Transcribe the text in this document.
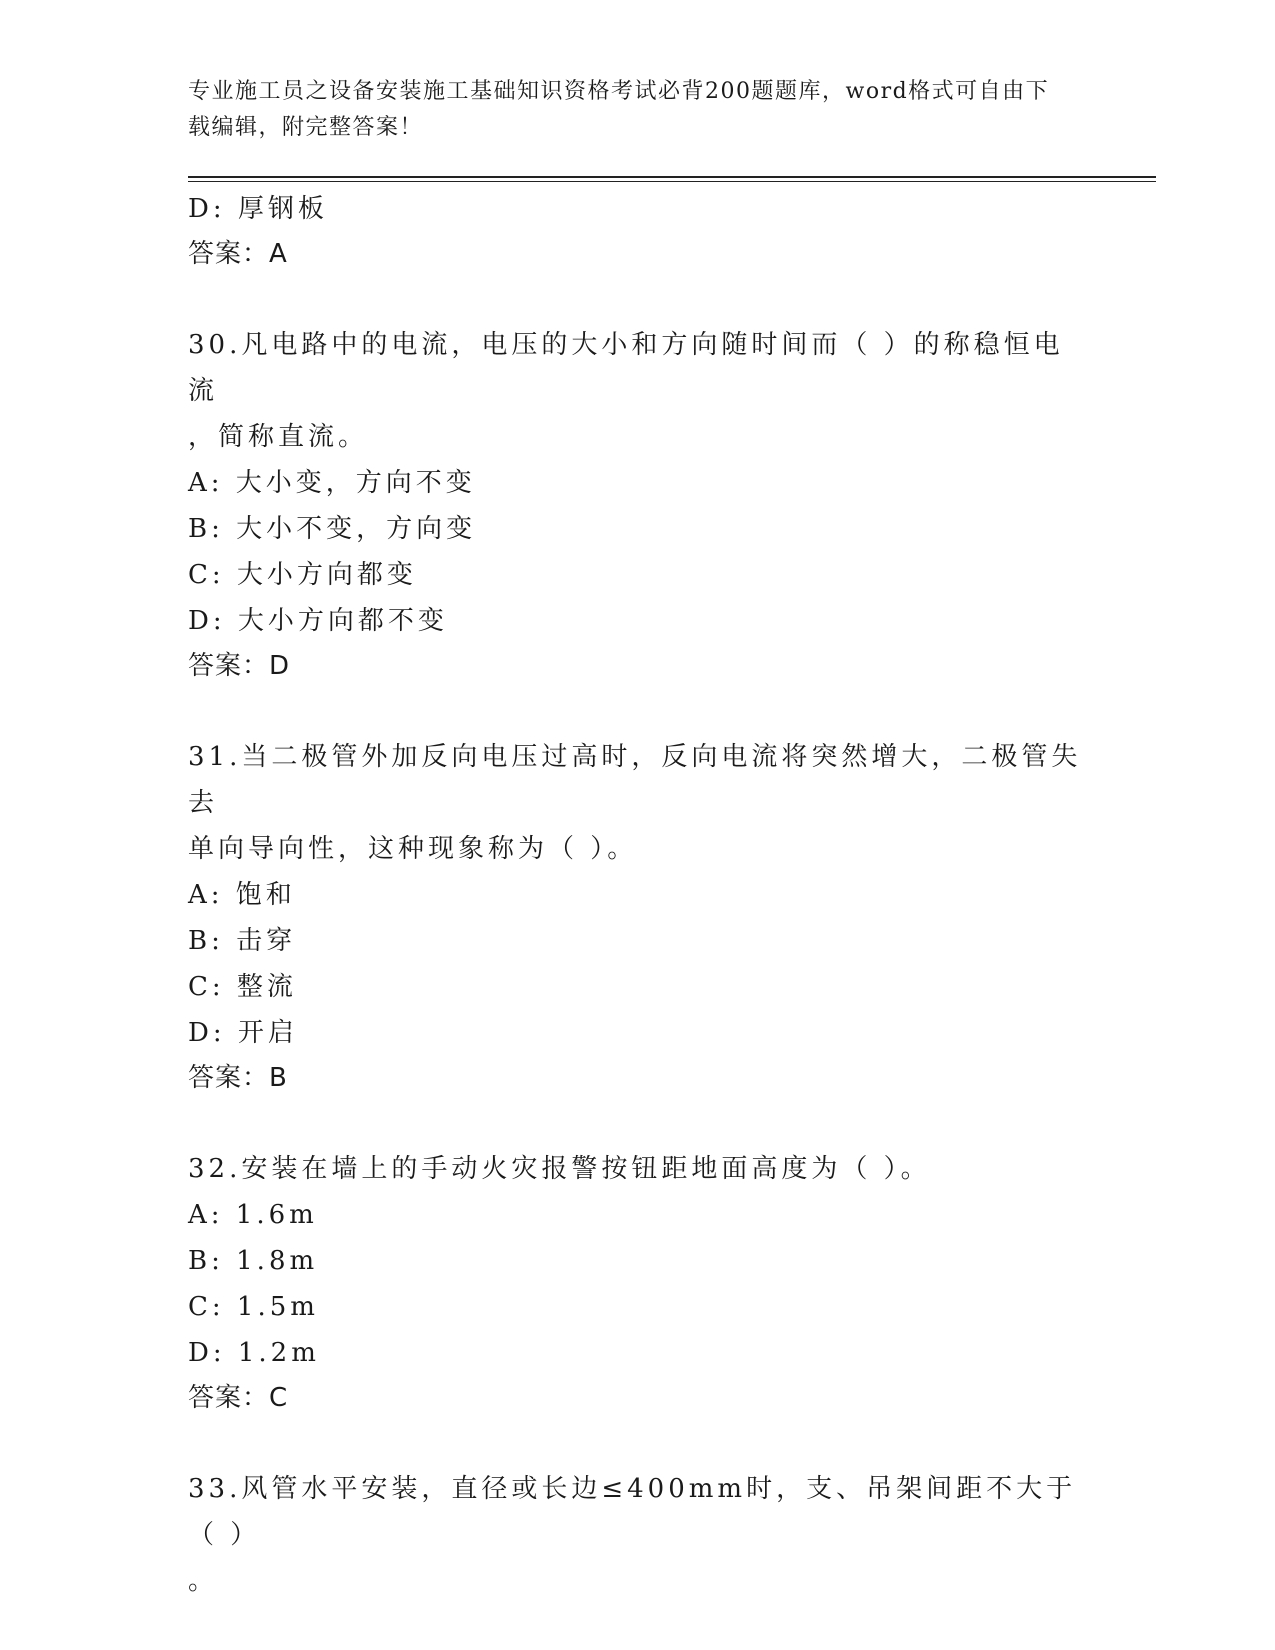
专业施工员之设备安装施工基础知识资格考试必背200题题库，word格式可自由下载编辑，附完整答案！
D: 厚钢板
答案：A
30.凡电路中的电流，电压的大小和方向随时间而（ ）的称稳恒电流
，简称直流。
A: 大小变，方向不变
B: 大小不变，方向变
C: 大小方向都变
D: 大小方向都不变
答案：D
31.当二极管外加反向电压过高时，反向电流将突然增大，二极管失去
单向导向性，这种现象称为（ ）。
A: 饱和
B: 击穿
C: 整流
D: 开启
答案：B
32.安装在墙上的手动火灾报警按钮距地面高度为（ ）。
A: 1.6m
B: 1.8m
C: 1.5m
D: 1.2m
答案：C
33.风管水平安装，直径或长边≤400mm时，支、吊架间距不大于（ ）
。
